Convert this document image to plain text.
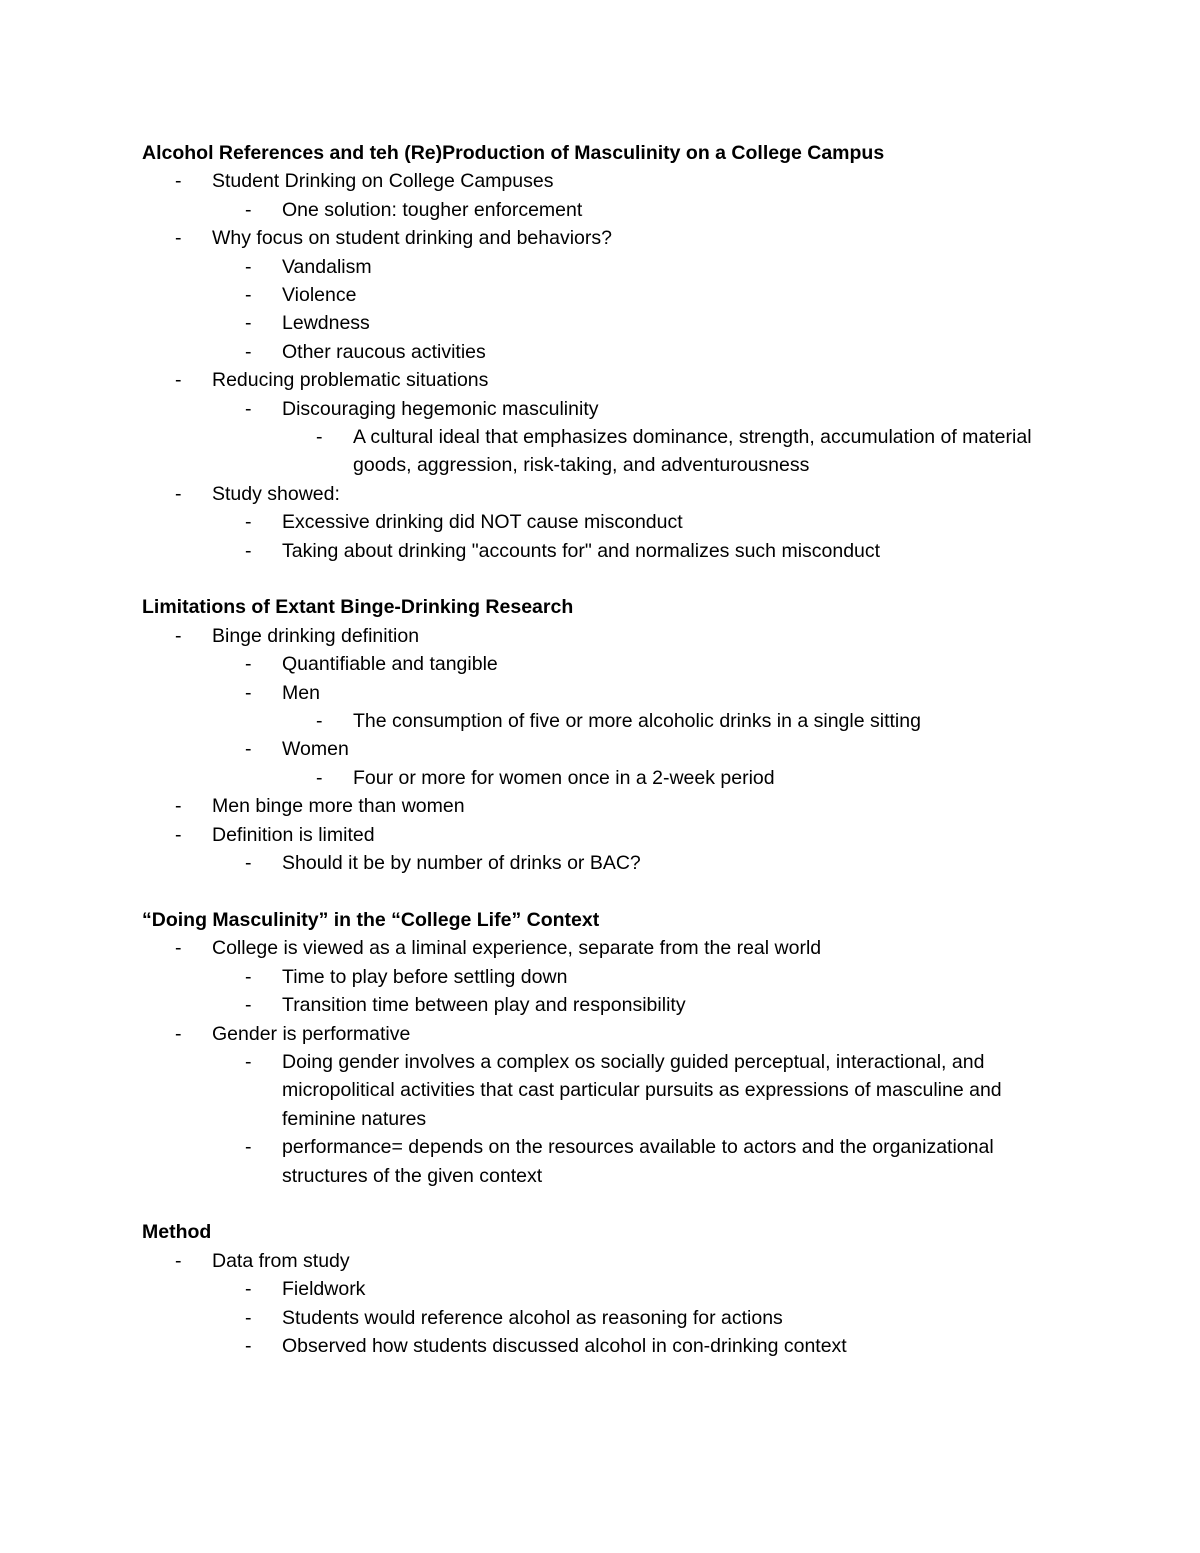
Alcohol References and teh (Re)Production of Masculinity on a College Campus
- Student Drinking on College Campuses
- One solution: tougher enforcement
- Why focus on student drinking and behaviors?
- Vandalism
- Violence
- Lewdness
- Other raucous activities
- Reducing problematic situations
- Discouraging hegemonic masculinity
- A cultural ideal that emphasizes dominance, strength, accumulation of material goods, aggression, risk-taking, and adventurousness
- Study showed:
- Excessive drinking did NOT cause misconduct
- Taking about drinking "accounts for" and normalizes such misconduct
Limitations of Extant Binge-Drinking Research
- Binge drinking definition
- Quantifiable and tangible
- Men
- The consumption of five or more alcoholic drinks in a single sitting
- Women
- Four or more for women once in a 2-week period
- Men binge more than women
- Definition is limited
- Should it be by number of drinks or BAC?
“Doing Masculinity” in the “College Life” Context
- College is viewed as a liminal experience, separate from the real world
- Time to play before settling down
- Transition time between play and responsibility
- Gender is performative
- Doing gender involves a complex os socially guided perceptual, interactional, and micropolitical activities that cast particular pursuits as expressions of masculine and feminine natures
- performance= depends on the resources available to actors and the organizational structures of the given context
Method
- Data from study
- Fieldwork
- Students would reference alcohol as reasoning for actions
- Observed how students discussed alcohol in con-drinking context
